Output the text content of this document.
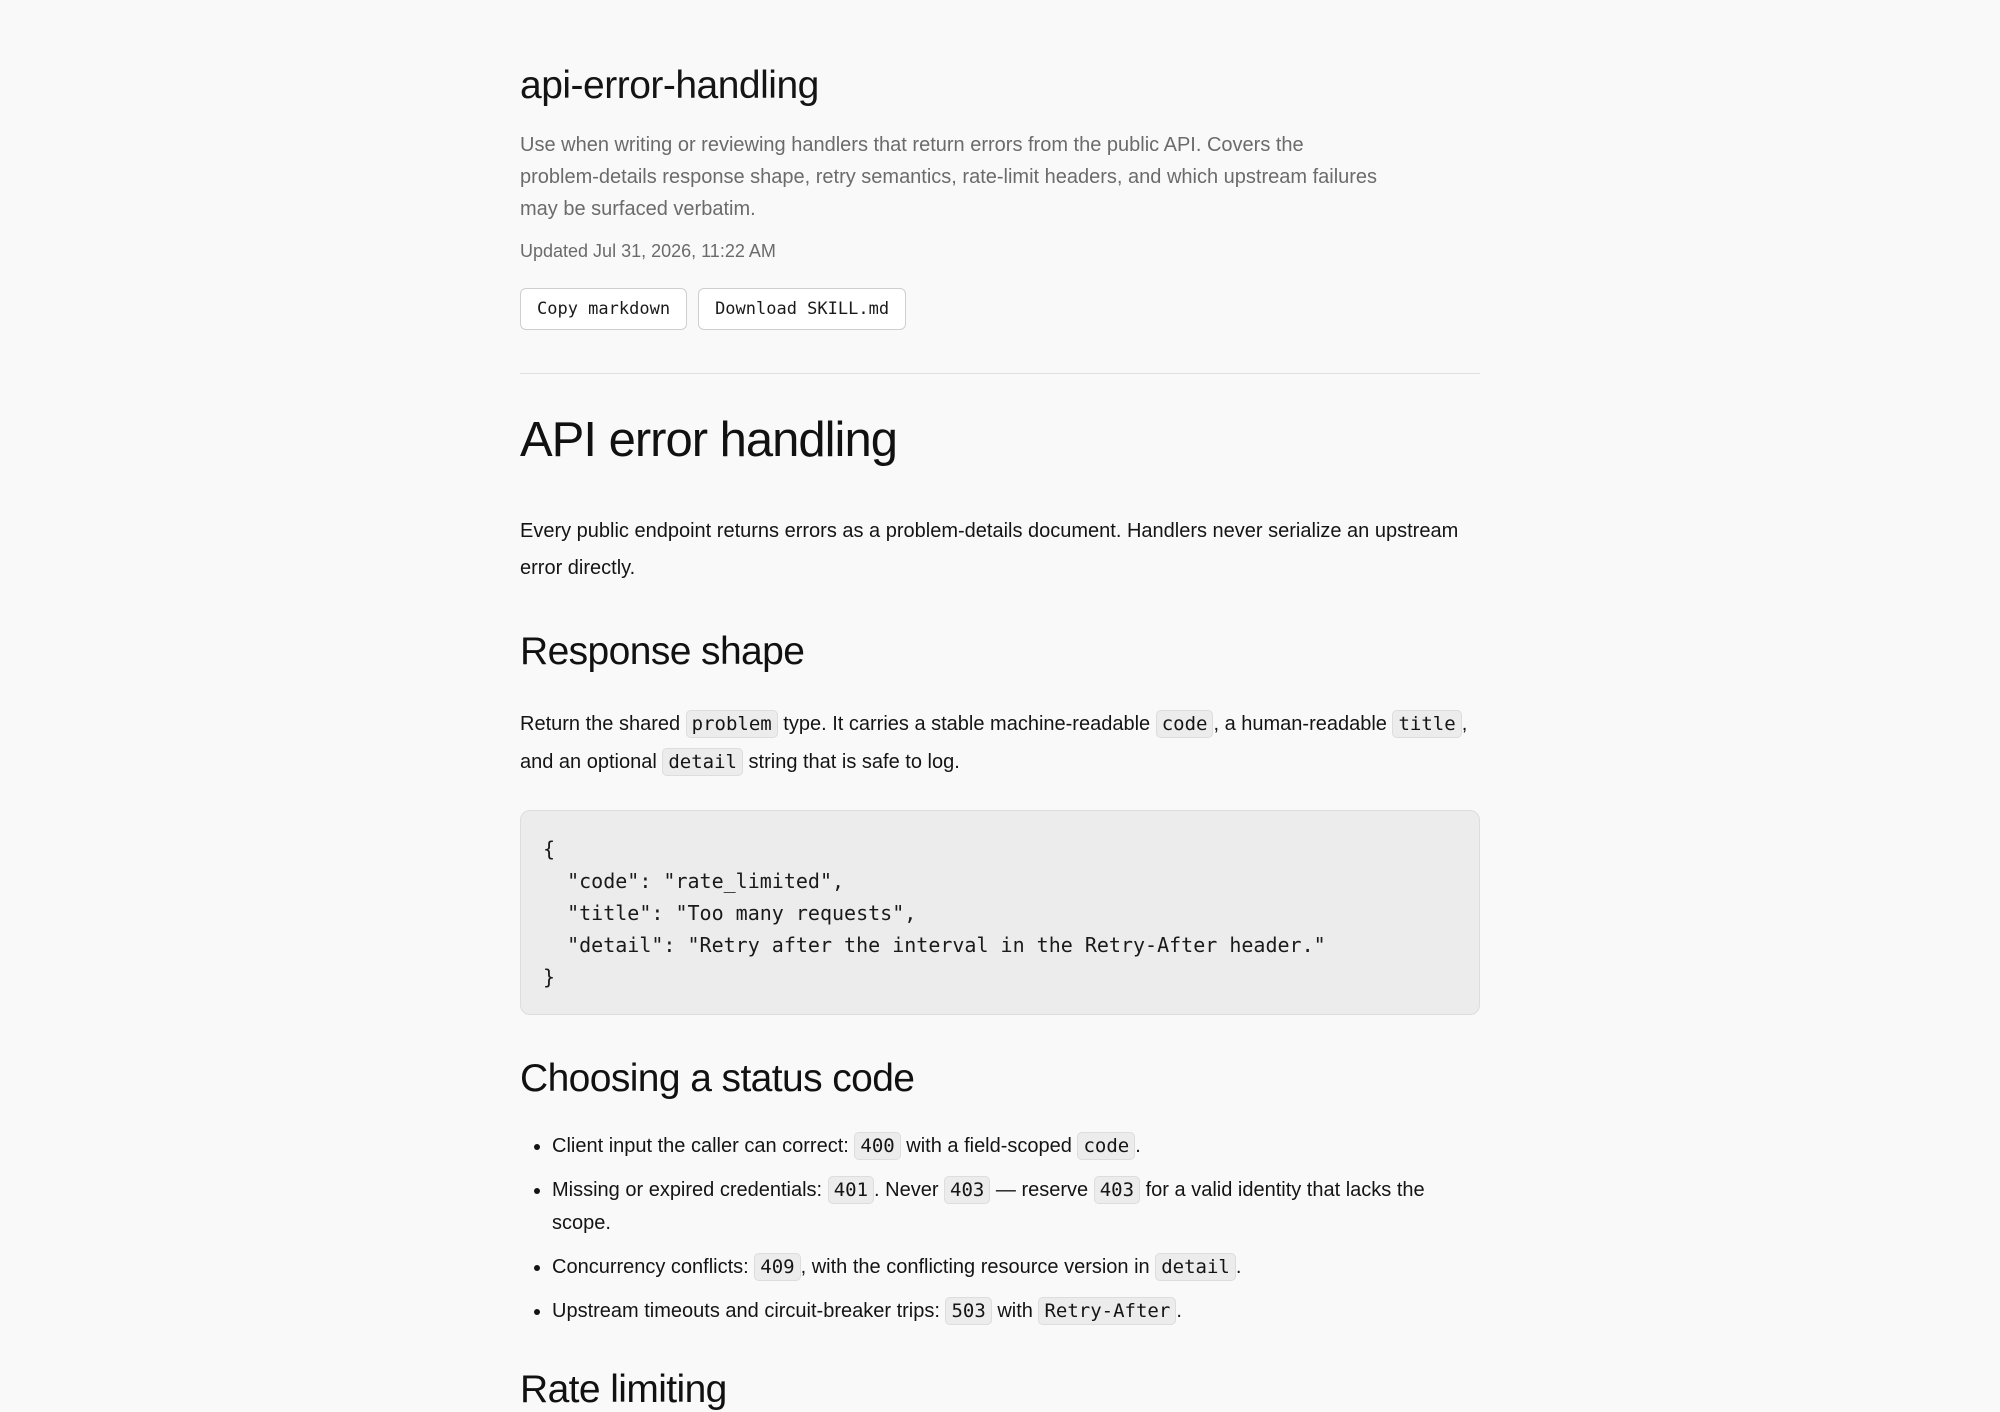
api-error-handling

Use when writing or reviewing handlers that return errors from the public API. Covers the problem-details response shape, retry semantics, rate-limit headers, and which upstream failures may be surfaced verbatim.

Updated Jul 31, 2026, 11:22 AM

Copy markdown	Download SKILL.md
API error handling

Every public endpoint returns errors as a problem-details document. Handlers never serialize an upstream error directly.

Response shape

Return the shared problem type. It carries a stable machine-readable code , a human-readable title , and an optional detail string that is safe to log.

{
"code": "rate_limited",
"title": "Too many requests",
"detail": "Retry after the interval in the Retry-After header."
}
Choosing a status code
• Client input the caller can correct: 400 with a field-scoped code .
• Missing or expired credentials: 401 . Never 403 — reserve 403 for a valid identity that lacks the scope.
• Concurrency conflicts: 409 , with the conflicting resource version in detail .
• Upstream timeouts and circuit-breaker trips: 503 with Retry-After .
Rate limiting
